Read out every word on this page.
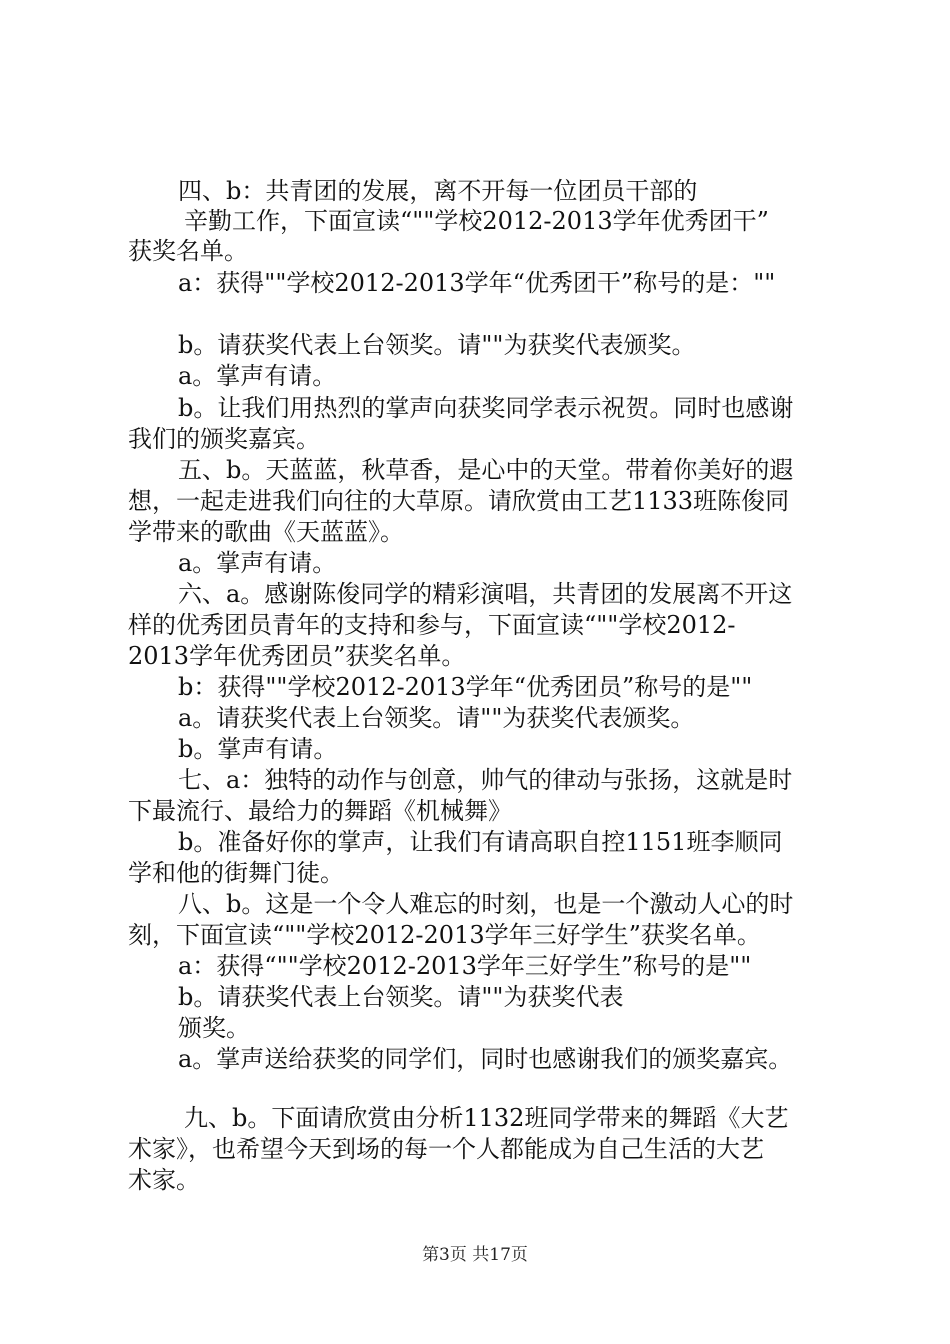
四、b：共青团的发展，离不开每一位团员干部的
辛勤工作，下面宣读“""学校2012-2013学年优秀团干”
获奖名单。
a：获得""学校2012-2013学年“优秀团干”称号的是：""
b。请获奖代表上台领奖。请""为获奖代表颁奖。
a。掌声有请。
b。让我们用热烈的掌声向获奖同学表示祝贺。同时也感谢
我们的颁奖嘉宾。
五、b。天蓝蓝，秋草香，是心中的天堂。带着你美好的遐
想，一起走进我们向往的大草原。请欣赏由工艺1133班陈俊同
学带来的歌曲《天蓝蓝》。
a。掌声有请。
六、a。感谢陈俊同学的精彩演唱，共青团的发展离不开这
样的优秀团员青年的支持和参与，下面宣读“""学校2012-
2013学年优秀团员”获奖名单。
b：获得""学校2012-2013学年“优秀团员”称号的是""
a。请获奖代表上台领奖。请""为获奖代表颁奖。
b。掌声有请。
七、a：独特的动作与创意，帅气的律动与张扬，这就是时
下最流行、最给力的舞蹈《机械舞》
b。准备好你的掌声，让我们有请高职自控1151班李顺同
学和他的街舞门徒。
八、b。这是一个令人难忘的时刻，也是一个激动人心的时
刻，下面宣读“""学校2012-2013学年三好学生”获奖名单。
a：获得“""学校2012-2013学年三好学生”称号的是""
b。请获奖代表上台领奖。请""为获奖代表
颁奖。
a。掌声送给获奖的同学们，同时也感谢我们的颁奖嘉宾。
九、b。下面请欣赏由分析1132班同学带来的舞蹈《大艺
术家》，也希望今天到场的每一个人都能成为自己生活的大艺
术家。
第3页 共17页
